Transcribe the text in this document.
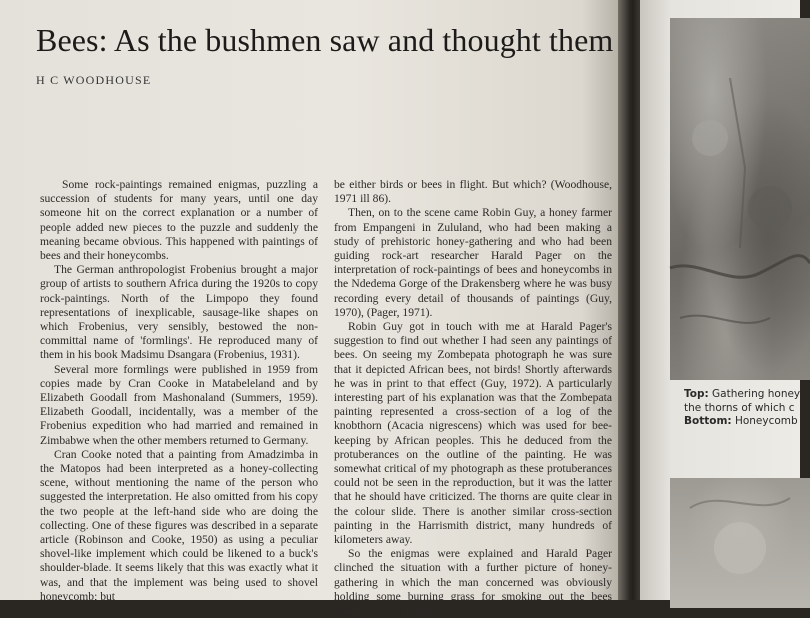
Bees: As the bushmen saw and thought them

H C WOODHOUSE

Some rock-paintings remained enigmas, puzzling a succession of students for many years, until one day someone hit on the correct explanation or a number of people added new pieces to the puzzle and suddenly the meaning became obvious. This happened with paintings of bees and their honeycombs.

The German anthropologist Frobenius brought a major group of artists to southern Africa during the 1920s to copy rock-paintings. North of the Limpopo they found representations of inexplicable, sausage-like shapes on which Frobenius, very sensibly, bestowed the non-committal name of 'formlings'. He reproduced many of them in his book Madsimu Dsangara (Frobenius, 1931).

Several more formlings were published in 1959 from copies made by Cran Cooke in Matabeleland and by Elizabeth Goodall from Mashonaland (Summers, 1959). Elizabeth Goodall, incidentally, was a member of the Frobenius expedition who had married and remained in Zimbabwe when the other members returned to Germany.

Cran Cooke noted that a painting from Amadzimba in the Matopos had been interpreted as a honey-collecting scene, without mentioning the name of the person who suggested the interpretation. He also omitted from his copy the two people at the left-hand side who are doing the collecting. One of these figures was described in a separate article (Robinson and Cooke, 1950) as using a peculiar shovel-like implement which could be likened to a buck's shoulder-blade. It seems likely that this was exactly what it was, and that the implement was being used to shovel honeycomb; but

be either birds or bees in flight. But which? (Woodhouse, 1971 ill 86).

Then, on to the scene came Robin Guy, a honey farmer from Empangeni in Zululand, who had been making a study of prehistoric honey-gathering and who had been guiding rock-art researcher Harald Pager on the interpretation of rock-paintings of bees and honeycombs in the Ndedema Gorge of the Drakensberg where he was busy recording every detail of thousands of paintings (Guy, 1970), (Pager, 1971).

Robin Guy got in touch with me at Harald Pager's suggestion to find out whether I had seen any paintings of bees. On seeing my Zombepata photograph he was sure that it depicted African bees, not birds! Shortly afterwards he was in print to that effect (Guy, 1972). A particularly interesting part of his explanation was that the Zombepata painting represented a cross-section of a log of the knobthorn (Acacia nigrescens) which was used for bee-keeping by African peoples. This he deduced from the protuberances on the outline of the painting. He was somewhat critical of my photograph as these protuberances could not be seen in the reproduction, but it was the latter that he should have criticized. The thorns are quite clear in the colour slide. There is another similar cross-section painting in the Harrismith district, many hundreds of kilometers away.

So the enigmas were explained and Harald Pager clinched the situation with a further picture of honey-gathering in which the man concerned was obviously holding some burning grass for smoking out the bees (Pager, 1973). At the

Top: Gathering honey
the thorns of which c
Bottom: Honeycomb
